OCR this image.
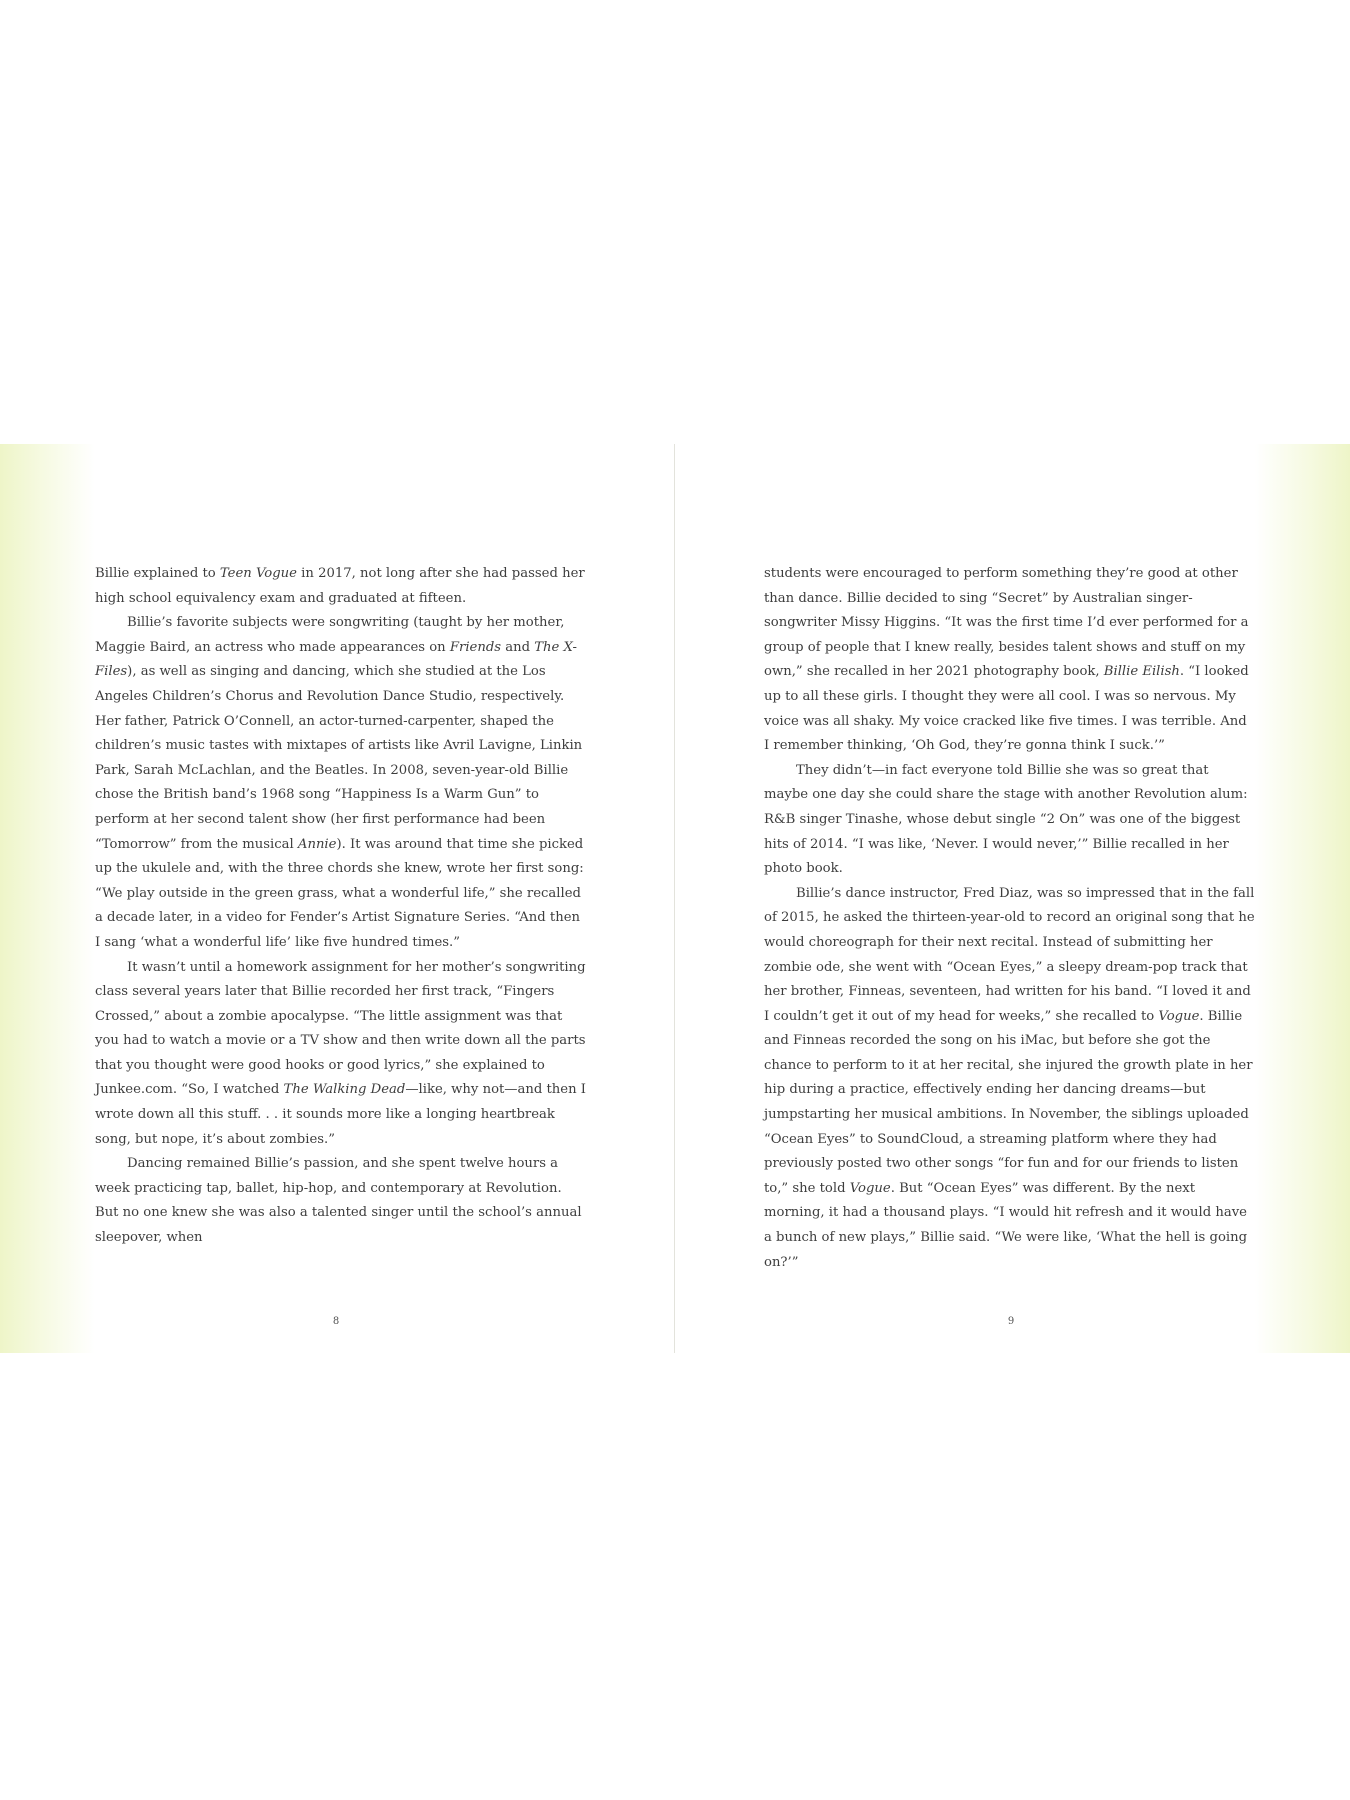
Billie explained to Teen Vogue in 2017, not long after she had passed her high school equivalency exam and graduated at fifteen.

Billie’s favorite subjects were songwriting (taught by her mother, Maggie Baird, an actress who made appearances on Friends and The X-Files), as well as singing and dancing, which she studied at the Los Angeles Children’s Chorus and Revolution Dance Studio, respectively. Her father, Patrick O’Connell, an actor-turned-carpenter, shaped the children’s music tastes with mixtapes of artists like Avril Lavigne, Linkin Park, Sarah McLachlan, and the Beatles. In 2008, seven-year-old Billie chose the British band’s 1968 song “Happiness Is a Warm Gun” to perform at her second talent show (her first performance had been “Tomorrow” from the musical Annie). It was around that time she picked up the ukulele and, with the three chords she knew, wrote her first song: “We play outside in the green grass, what a wonderful life,” she recalled a decade later, in a video for Fender’s Artist Signature Series. “And then I sang ‘what a wonderful life’ like five hundred times.”

It wasn’t until a homework assignment for her mother’s songwriting class several years later that Billie recorded her first track, “Fingers Crossed,” about a zombie apocalypse. “The little assignment was that you had to watch a movie or a TV show and then write down all the parts that you thought were good hooks or good lyrics,” she explained to Junkee.com. “So, I watched The Walking Dead—like, why not—and then I wrote down all this stuff. . . it sounds more like a longing heartbreak song, but nope, it’s about zombies.”

Dancing remained Billie’s passion, and she spent twelve hours a week practicing tap, ballet, hip-hop, and contemporary at Revolution. But no one knew she was also a talented singer until the school’s annual sleepover, when

8

students were encouraged to perform something they’re good at other than dance. Billie decided to sing “Secret” by Australian singer-songwriter Missy Higgins. “It was the first time I’d ever performed for a group of people that I knew really, besides talent shows and stuff on my own,” she recalled in her 2021 photography book, Billie Eilish. “I looked up to all these girls. I thought they were all cool. I was so nervous. My voice was all shaky. My voice cracked like five times. I was terrible. And I remember thinking, ‘Oh God, they’re gonna think I suck.’”

They didn’t—in fact everyone told Billie she was so great that maybe one day she could share the stage with another Revolution alum: R&B singer Tinashe, whose debut single “2 On” was one of the biggest hits of 2014. “I was like, ‘Never. I would never,’” Billie recalled in her photo book.

Billie’s dance instructor, Fred Diaz, was so impressed that in the fall of 2015, he asked the thirteen-year-old to record an original song that he would choreograph for their next recital. Instead of submitting her zombie ode, she went with “Ocean Eyes,” a sleepy dream-pop track that her brother, Finneas, seventeen, had written for his band. “I loved it and I couldn’t get it out of my head for weeks,” she recalled to Vogue. Billie and Finneas recorded the song on his iMac, but before she got the chance to perform to it at her recital, she injured the growth plate in her hip during a practice, effectively ending her dancing dreams—but jumpstarting her musical ambitions. In November, the siblings uploaded “Ocean Eyes” to SoundCloud, a streaming platform where they had previously posted two other songs “for fun and for our friends to listen to,” she told Vogue. But “Ocean Eyes” was different. By the next morning, it had a thousand plays. “I would hit refresh and it would have a bunch of new plays,” Billie said. “We were like, ‘What the hell is going on?’”

9
